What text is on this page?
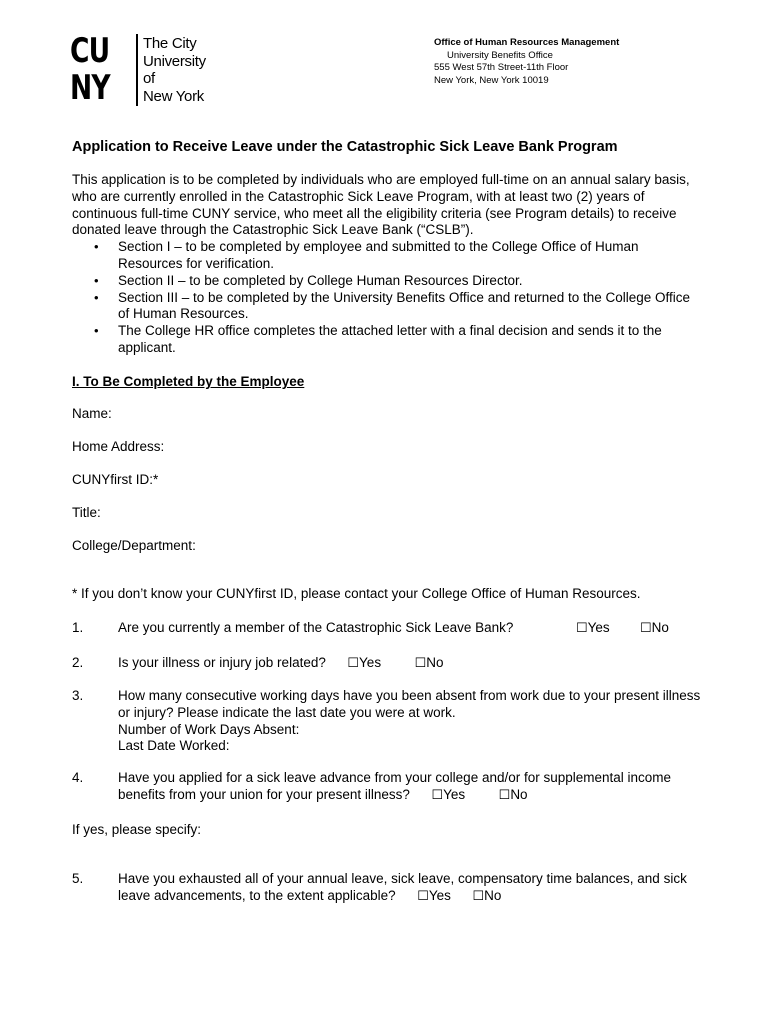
CU
NY
The City
University
of
New York
Office of Human Resources Management
University Benefits Office
555 West 57th Street-11th Floor
New York, New York 10019
Application to Receive Leave under the Catastrophic Sick Leave Bank Program

This application is to be completed by individuals who are employed full-time on an annual salary basis, who are currently enrolled in the Catastrophic Sick Leave Program, with at least two (2) years of continuous full-time CUNY service, who meet all the eligibility criteria (see Program details) to receive donated leave through the Catastrophic Sick Leave Bank (“CSLB”).

• Section I – to be completed by employee and submitted to the College Office of Human Resources for verification.
• Section II – to be completed by College Human Resources Director.
• Section III – to be completed by the University Benefits Office and returned to the College Office of Human Resources.
• The College HR office completes the attached letter with a final decision and sends it to the applicant.
I. To Be Completed by the Employee
Name:
Home Address:
CUNYfirst ID:*
Title:
College/Department:
* If you don’t know your CUNYfirst ID, please contact your College Office of Human Resources.
1.	Are you currently a member of the Catastrophic Sick Leave Bank?	☐Yes ☐No
2.	Is your illness or injury job related? ☐Yes	☐No
3.	How many consecutive working days have you been absent from work due to your present illness or injury? Please indicate the last date you were at work.
Number of Work Days Absent:
Last Date Worked:
4.	Have you applied for a sick leave advance from your college and/or for supplemental income benefits from your union for your present illness? ☐Yes	☐No
If yes, please specify:
5.	Have you exhausted all of your annual leave, sick leave, compensatory time balances, and sick leave advancements, to the extent applicable? ☐Yes ☐No
